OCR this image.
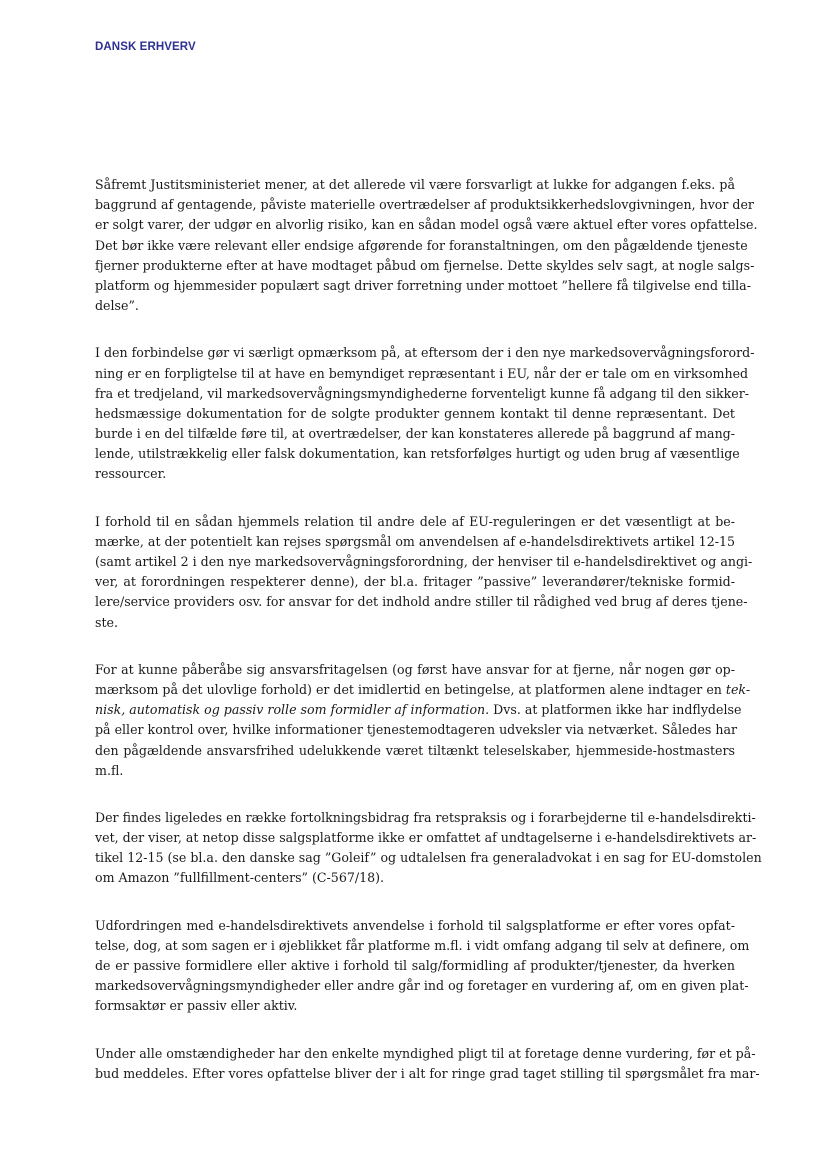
DANSK ERHVERV
Såfremt Justitsministeriet mener, at det allerede vil være forsvarligt at lukke for adgangen f.eks. på
baggrund af gentagende, påviste materielle overtrædelser af produktsikkerhedslovgivningen, hvor der
er solgt varer, der udgør en alvorlig risiko, kan en sådan model også være aktuel efter vores opfattelse.
Det bør ikke være relevant eller endsige afgørende for foranstaltningen, om den pågældende tjeneste
fjerner produkterne efter at have modtaget påbud om fjernelse. Dette skyldes selv sagt, at nogle salgs-
platform og hjemmesider populært sagt driver forretning under mottoet ”hellere få tilgivelse end tilla-
delse”.
I den forbindelse gør vi særligt opmærksom på, at eftersom der i den nye markedsovervågningsforord-
ning er en forpligtelse til at have en bemyndiget repræsentant i EU, når der er tale om en virksomhed
fra et tredjeland, vil markedsovervågningsmyndighederne forventeligt kunne få adgang til den sikker-
hedsmæssige dokumentation for de solgte produkter gennem kontakt til denne repræsentant. Det
burde i en del tilfælde føre til, at overtrædelser, der kan konstateres allerede på baggrund af mang-
lende, utilstrækkelig eller falsk dokumentation, kan retsforfølges hurtigt og uden brug af væsentlige
ressourcer.
I forhold til en sådan hjemmels relation til andre dele af EU-reguleringen er det væsentligt at be-
mærke, at der potentielt kan rejses spørgsmål om anvendelsen af e-handelsdirektivets artikel 12-15
(samt artikel 2 i den nye markedsovervågningsforordning, der henviser til e-handelsdirektivet og angi-
ver, at forordningen respekterer denne), der bl.a. fritager ”passive” leverandører/tekniske formid-
lere/service providers osv. for ansvar for det indhold andre stiller til rådighed ved brug af deres tjene-
ste.
For at kunne påberåbe sig ansvarsfritagelsen (og først have ansvar for at fjerne, når nogen gør op-
mærksom på det ulovlige forhold) er det imidlertid en betingelse, at platformen alene indtager en tek-
nisk, automatisk og passiv rolle som formidler af information. Dvs. at platformen ikke har indflydelse
på eller kontrol over, hvilke informationer tjenestemodtageren udveksler via netværket. Således har
den pågældende ansvarsfrihed udelukkende været tiltænkt teleselskaber, hjemmeside-hostmasters
m.fl.
Der findes ligeledes en række fortolkningsbidrag fra retspraksis og i forarbejderne til e-handelsdirekti-
vet, der viser, at netop disse salgsplatforme ikke er omfattet af undtagelserne i e-handelsdirektivets ar-
tikel 12-15 (se bl.a. den danske sag ”Goleif” og udtalelsen fra generaladvokat i en sag for EU-domstolen
om Amazon ”fullfillment-centers” (C-567/18).
Udfordringen med e-handelsdirektivets anvendelse i forhold til salgsplatforme er efter vores opfat-
telse, dog, at som sagen er i øjeblikket får platforme m.fl. i vidt omfang adgang til selv at definere, om
de er passive formidlere eller aktive i forhold til salg/formidling af produkter/tjenester, da hverken
markedsovervågningsmyndigheder eller andre går ind og foretager en vurdering af, om en given plat-
formsaktør er passiv eller aktiv.
Under alle omstændigheder har den enkelte myndighed pligt til at foretage denne vurdering, før et på-
bud meddeles. Efter vores opfattelse bliver der i alt for ringe grad taget stilling til spørgsmålet fra mar-
